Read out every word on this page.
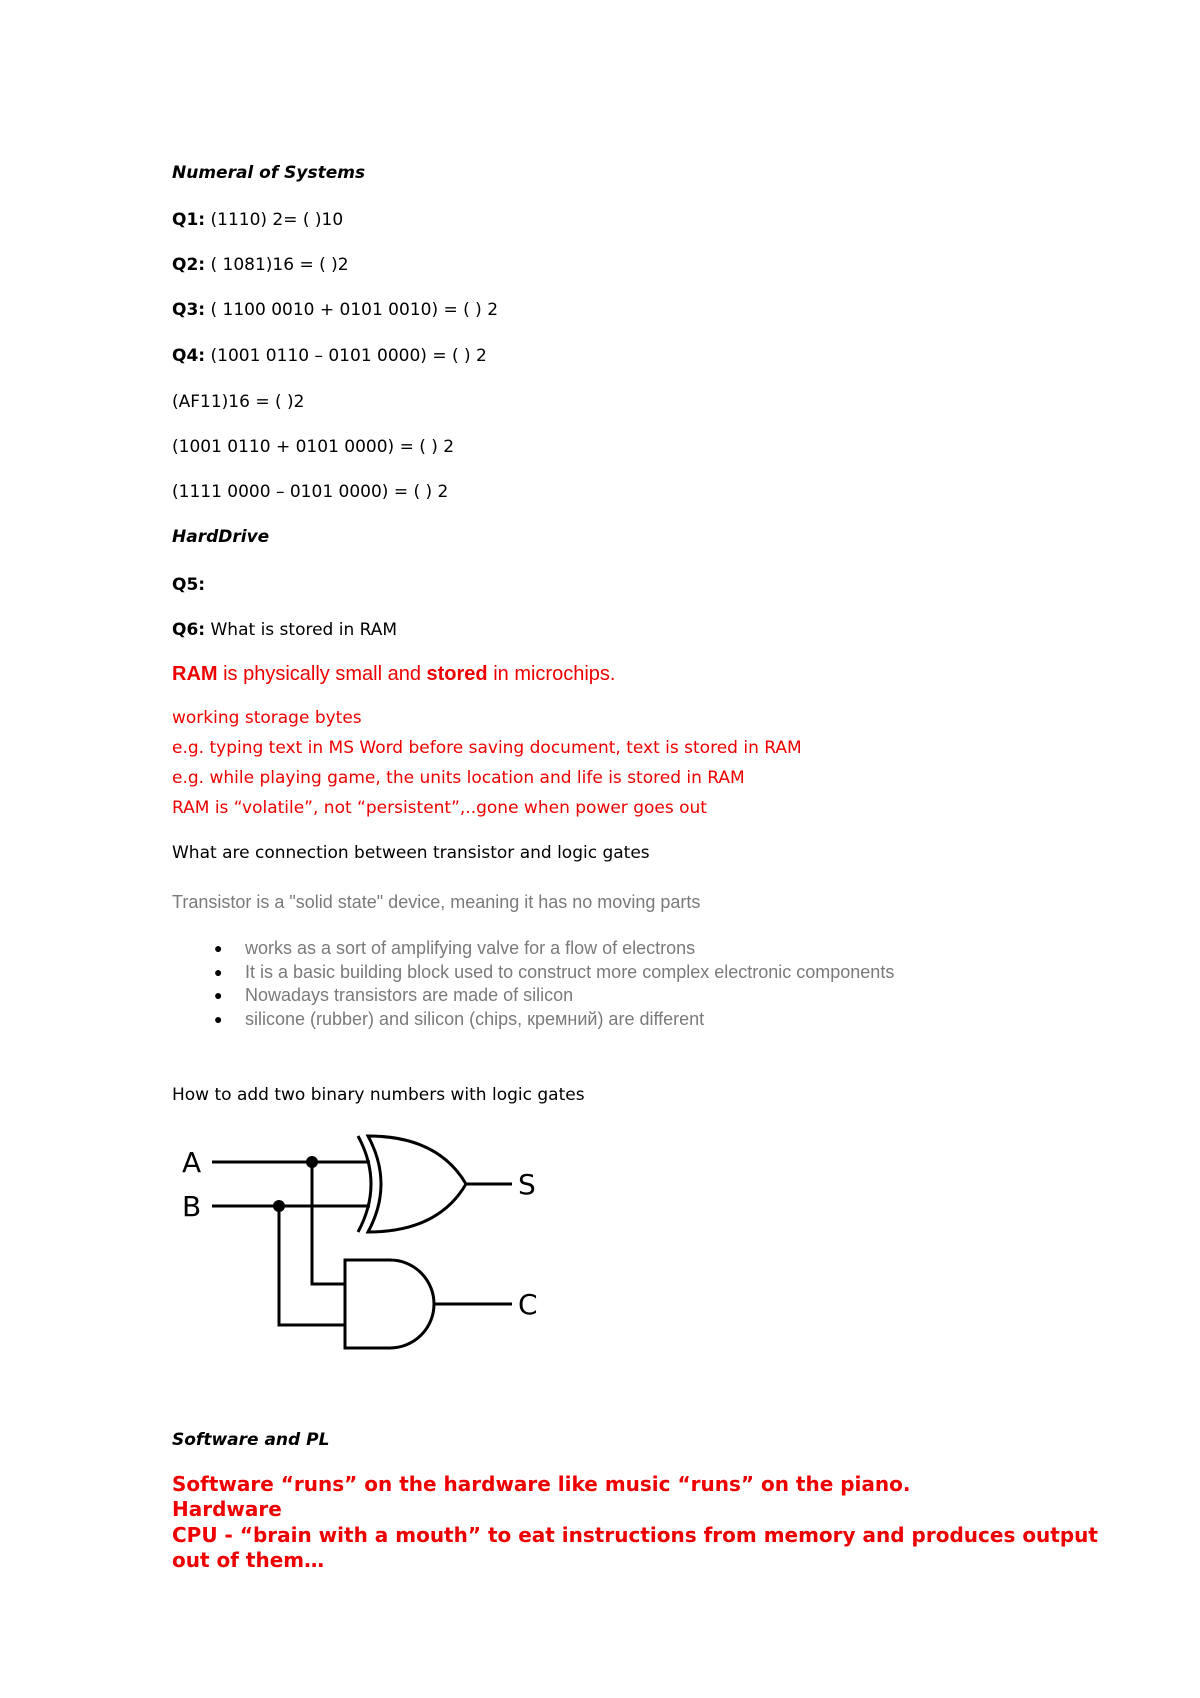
Numeral of Systems
Q1: (1110) 2= ( )10
Q2: ( 1081)16 = ( )2
Q3: ( 1100 0010 + 0101 0010) = ( ) 2
Q4: (1001 0110 – 0101 0000) = ( ) 2
(AF11)16 = ( )2
(1001 0110 + 0101 0000) = ( ) 2
(1111 0000 – 0101 0000) = ( ) 2
HardDrive
Q5:
Q6: What is stored in RAM
RAM is physically small and stored in microchips.
working storage bytes
e.g. typing text in MS Word before saving document, text is stored in RAM
e.g. while playing game, the units location and life is stored in RAM
RAM is “volatile”, not “persistent”,..gone when power goes out
What are connection between transistor and logic gates
Transistor is a "solid state" device, meaning it has no moving parts
● works as a sort of amplifying valve for a flow of electrons
● It is a basic building block used to construct more complex electronic components
● Nowadays transistors are made of silicon
● silicone (rubber) and silicon (chips, кремний) are different
How to add two binary numbers with logic gates
A
B
S
C
Software and PL
Software “runs” on the hardware like music “runs” on the piano.
Hardware
CPU - “brain with a mouth” to eat instructions from memory and produces output
out of them…
